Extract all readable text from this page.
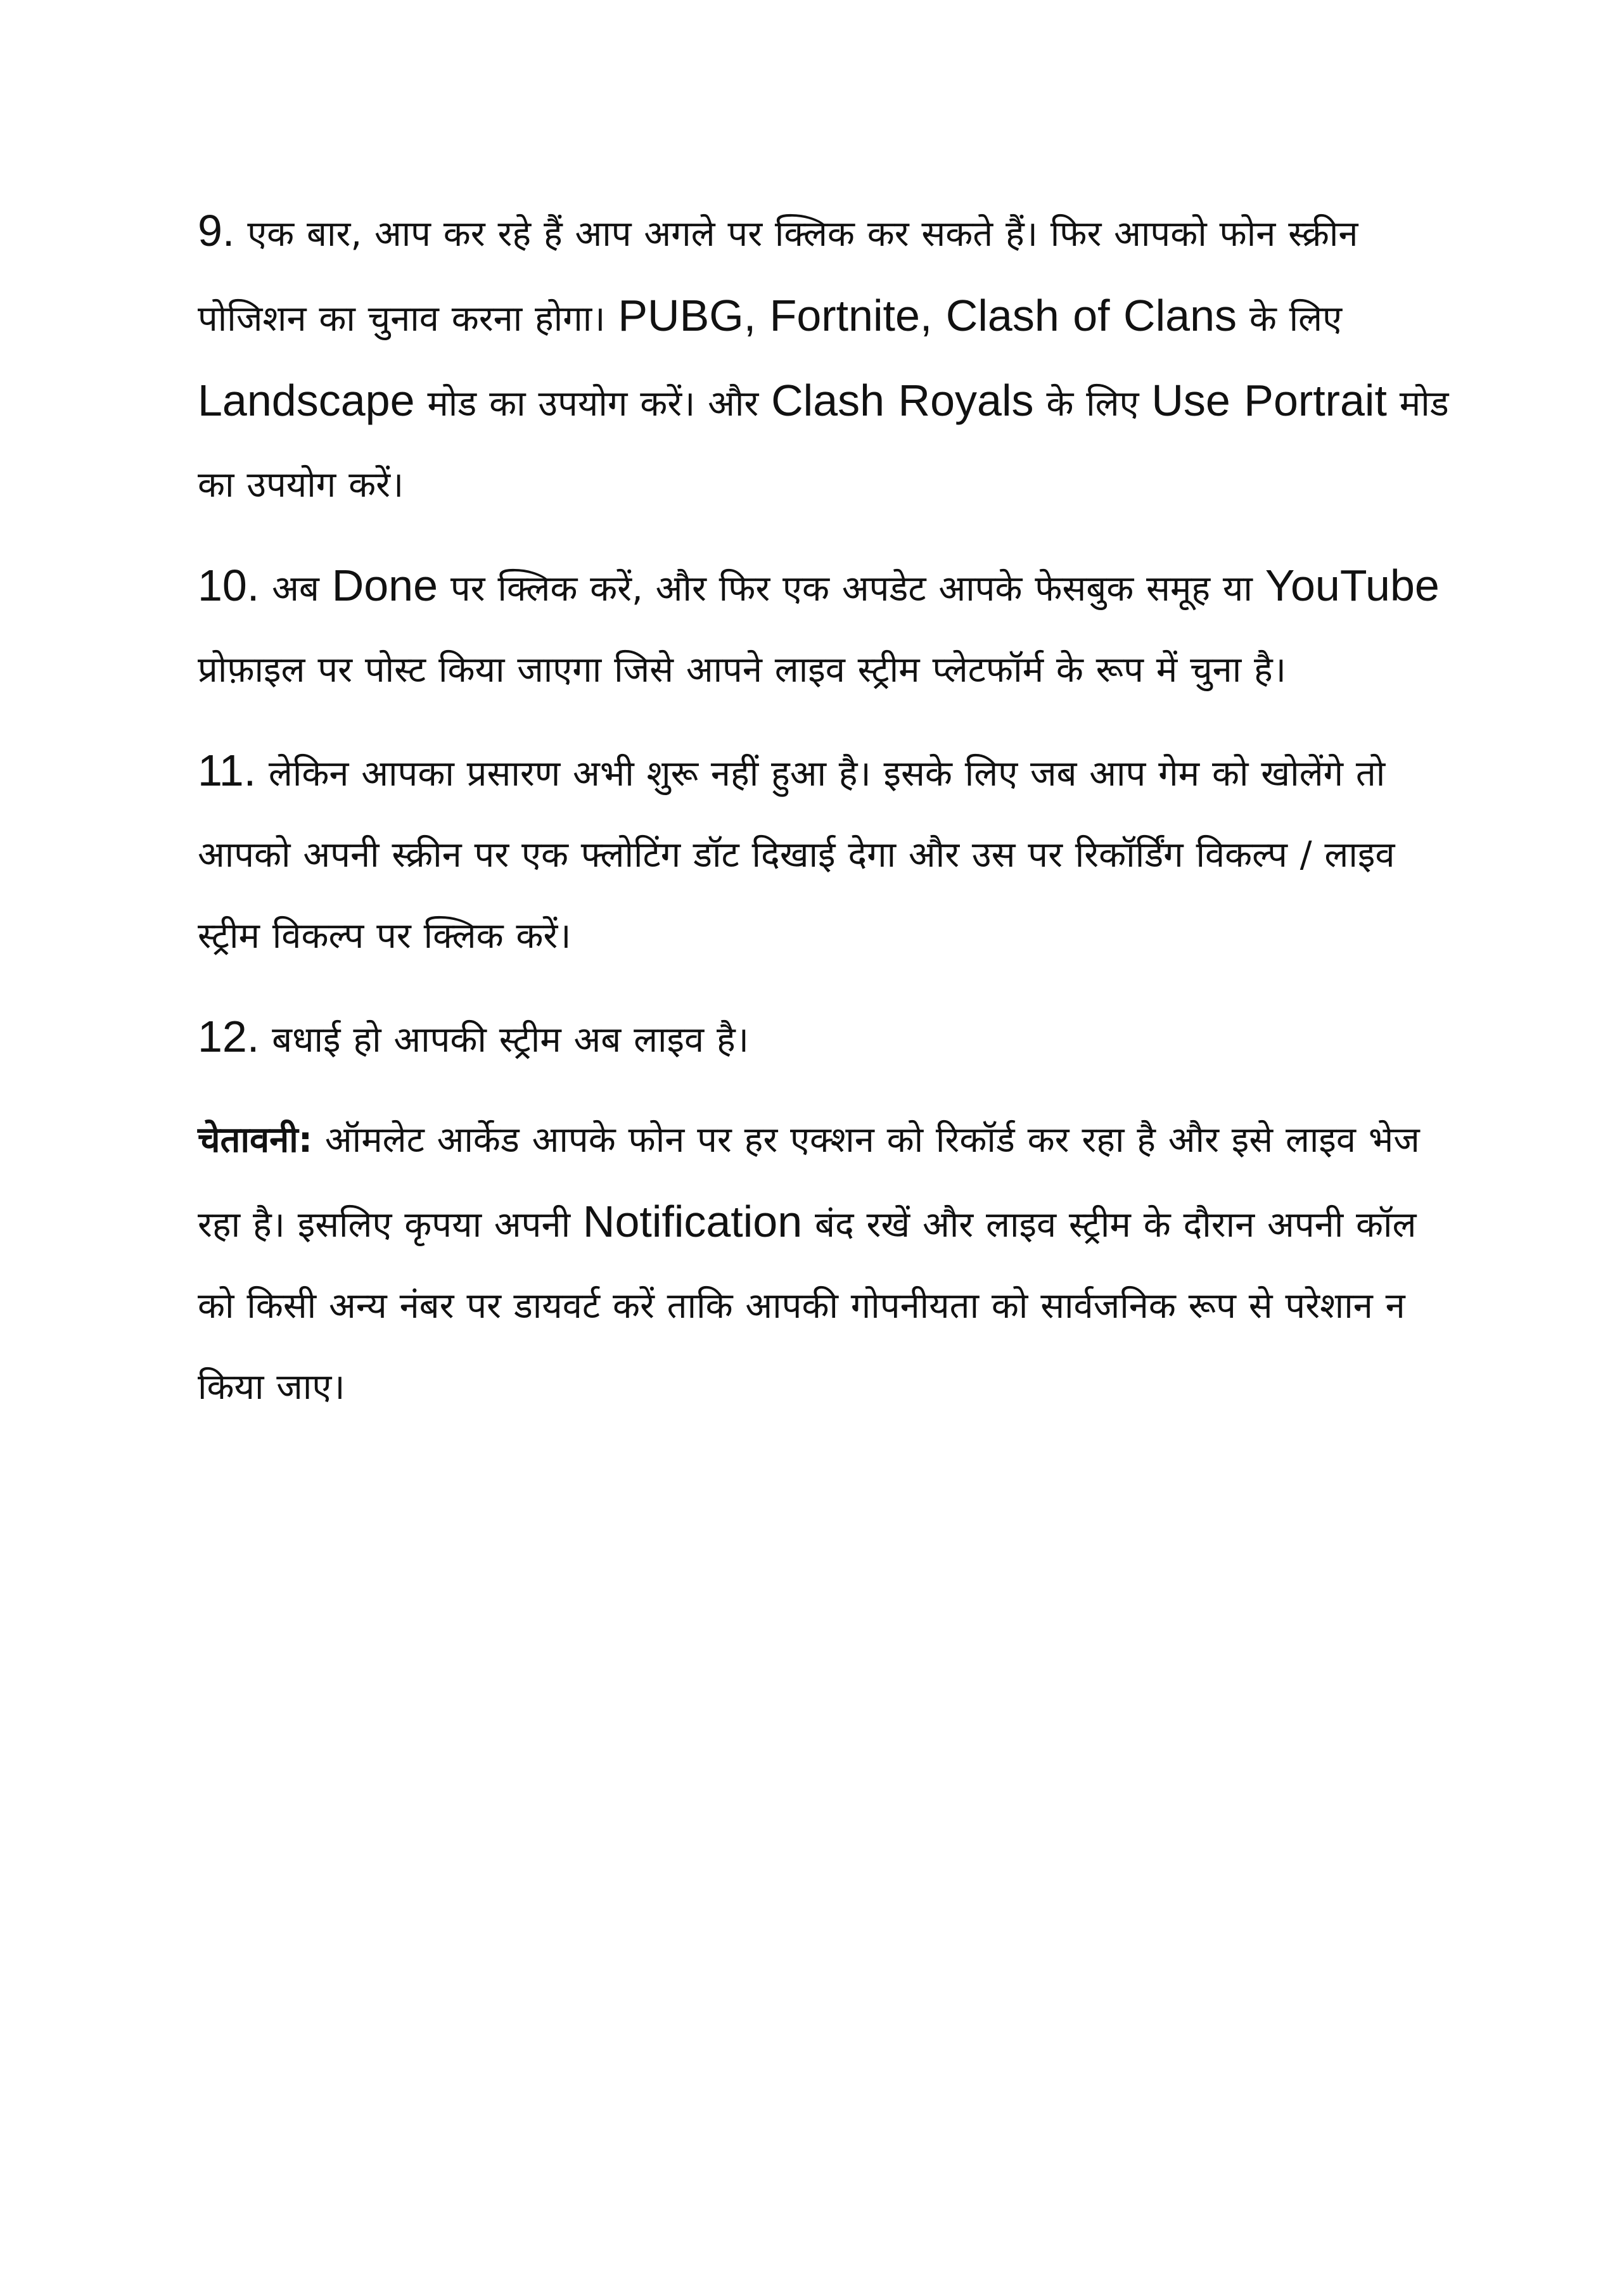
9. एक बार, आप कर रहे हैं आप अगले पर क्लिक कर सकते हैं। फिर आपको फोन स्क्रीन पोजिशन का चुनाव करना होगा। PUBG, Fortnite, Clash of Clans के लिए Landscape मोड का उपयोग करें। और Clash Royals के लिए Use Portrait मोड का उपयोग करें।

10. अब Done पर क्लिक करें, और फिर एक अपडेट आपके फेसबुक समूह या YouTube प्रोफ़ाइल पर पोस्ट किया जाएगा जिसे आपने लाइव स्ट्रीम प्लेटफॉर्म के रूप में चुना है।

11. लेकिन आपका प्रसारण अभी शुरू नहीं हुआ है। इसके लिए जब आप गेम को खोलेंगे तो आपको अपनी स्क्रीन पर एक फ्लोटिंग डॉट दिखाई देगा और उस पर रिकॉर्डिंग विकल्प / लाइव स्ट्रीम विकल्प पर क्लिक करें।

12. बधाई हो आपकी स्ट्रीम अब लाइव है।

चेतावनी: ऑमलेट आर्केड आपके फोन पर हर एक्शन को रिकॉर्ड कर रहा है और इसे लाइव भेज रहा है। इसलिए कृपया अपनी Notification बंद रखें और लाइव स्ट्रीम के दौरान अपनी कॉल को किसी अन्य नंबर पर डायवर्ट करें ताकि आपकी गोपनीयता को सार्वजनिक रूप से परेशान न किया जाए।
